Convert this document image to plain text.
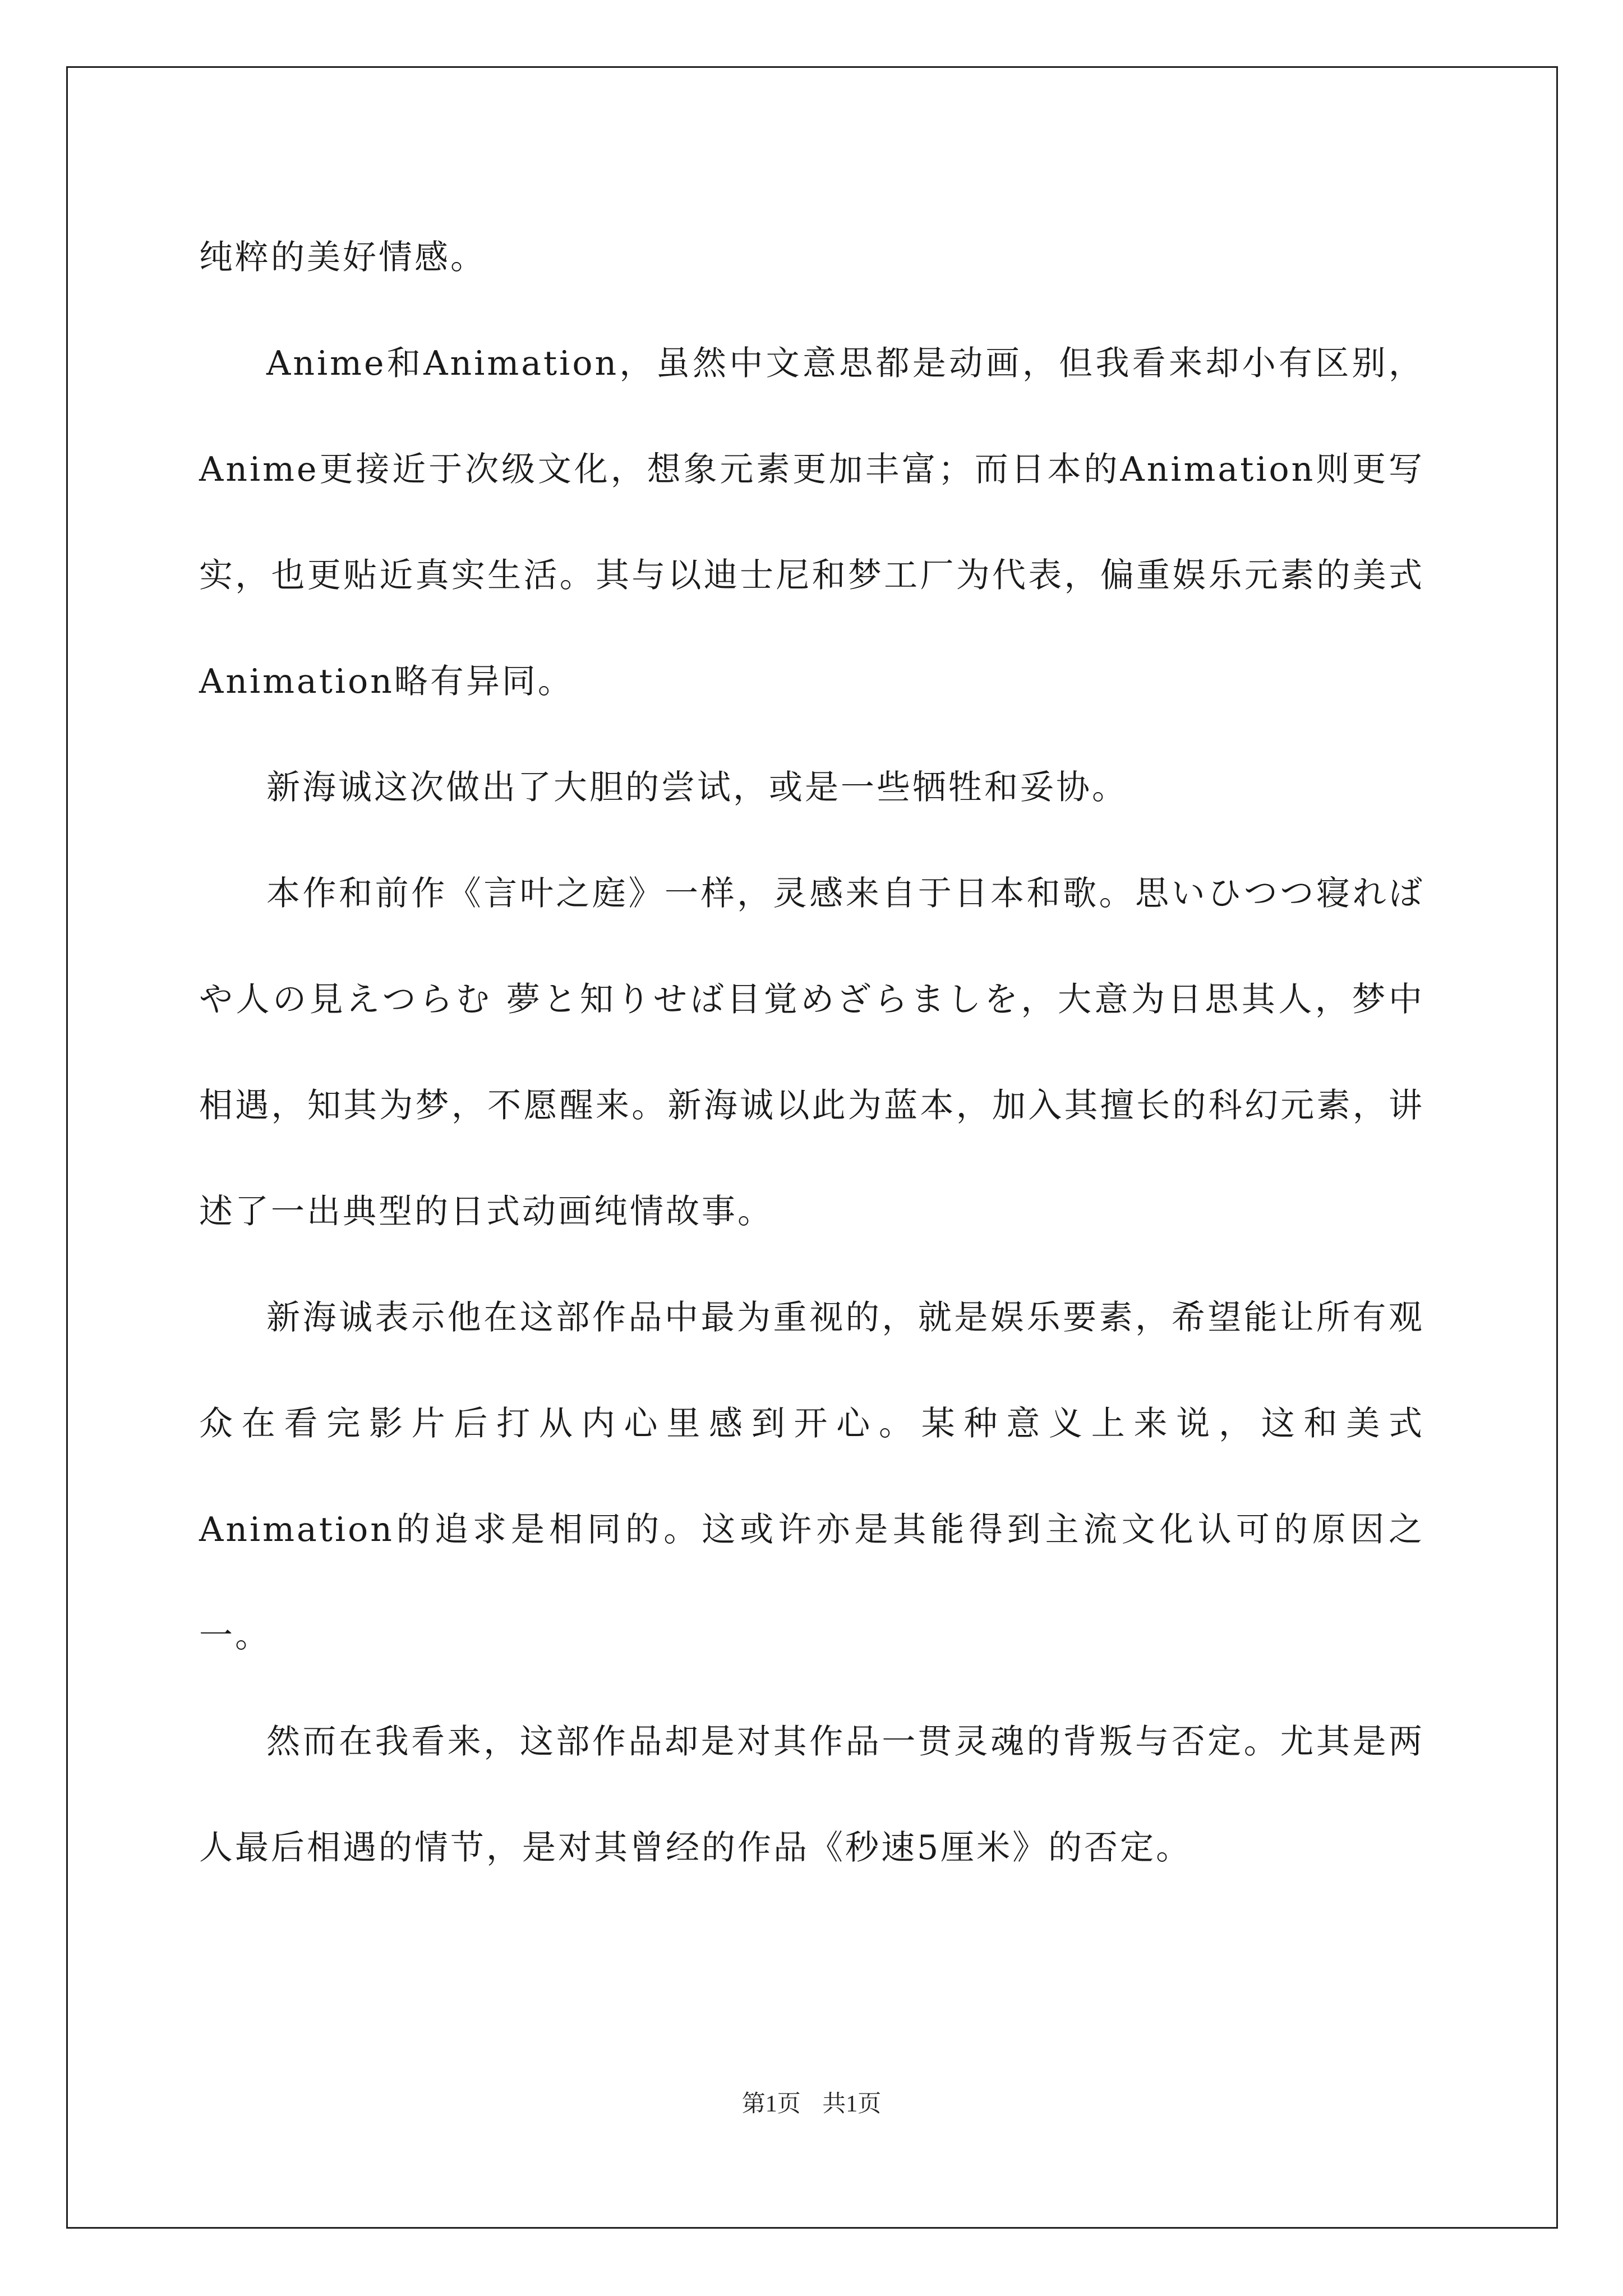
纯粹的美好情感。

Anime和Animation，虽然中文意思都是动画，但我看来却小有区别，Anime更接近于次级文化，想象元素更加丰富；而日本的Animation则更写实，也更贴近真实生活。其与以迪士尼和梦工厂为代表，偏重娱乐元素的美式Animation略有异同。

新海诚这次做出了大胆的尝试，或是一些牺牲和妥协。

本作和前作《言叶之庭》一样，灵感来自于日本和歌。思いひつつ寝ればや人の見えつらむ 夢と知りせば目覚めざらましを，大意为日思其人，梦中相遇，知其为梦，不愿醒来。新海诚以此为蓝本，加入其擅长的科幻元素，讲述了一出典型的日式动画纯情故事。

新海诚表示他在这部作品中最为重视的，就是娱乐要素，希望能让所有观众在看完影片后打从内心里感到开心。某种意义上来说，这和美式Animation的追求是相同的。这或许亦是其能得到主流文化认可的原因之一。

然而在我看来，这部作品却是对其作品一贯灵魂的背叛与否定。尤其是两人最后相遇的情节，是对其曾经的作品《秒速5厘米》的否定。

第1页 共1页
